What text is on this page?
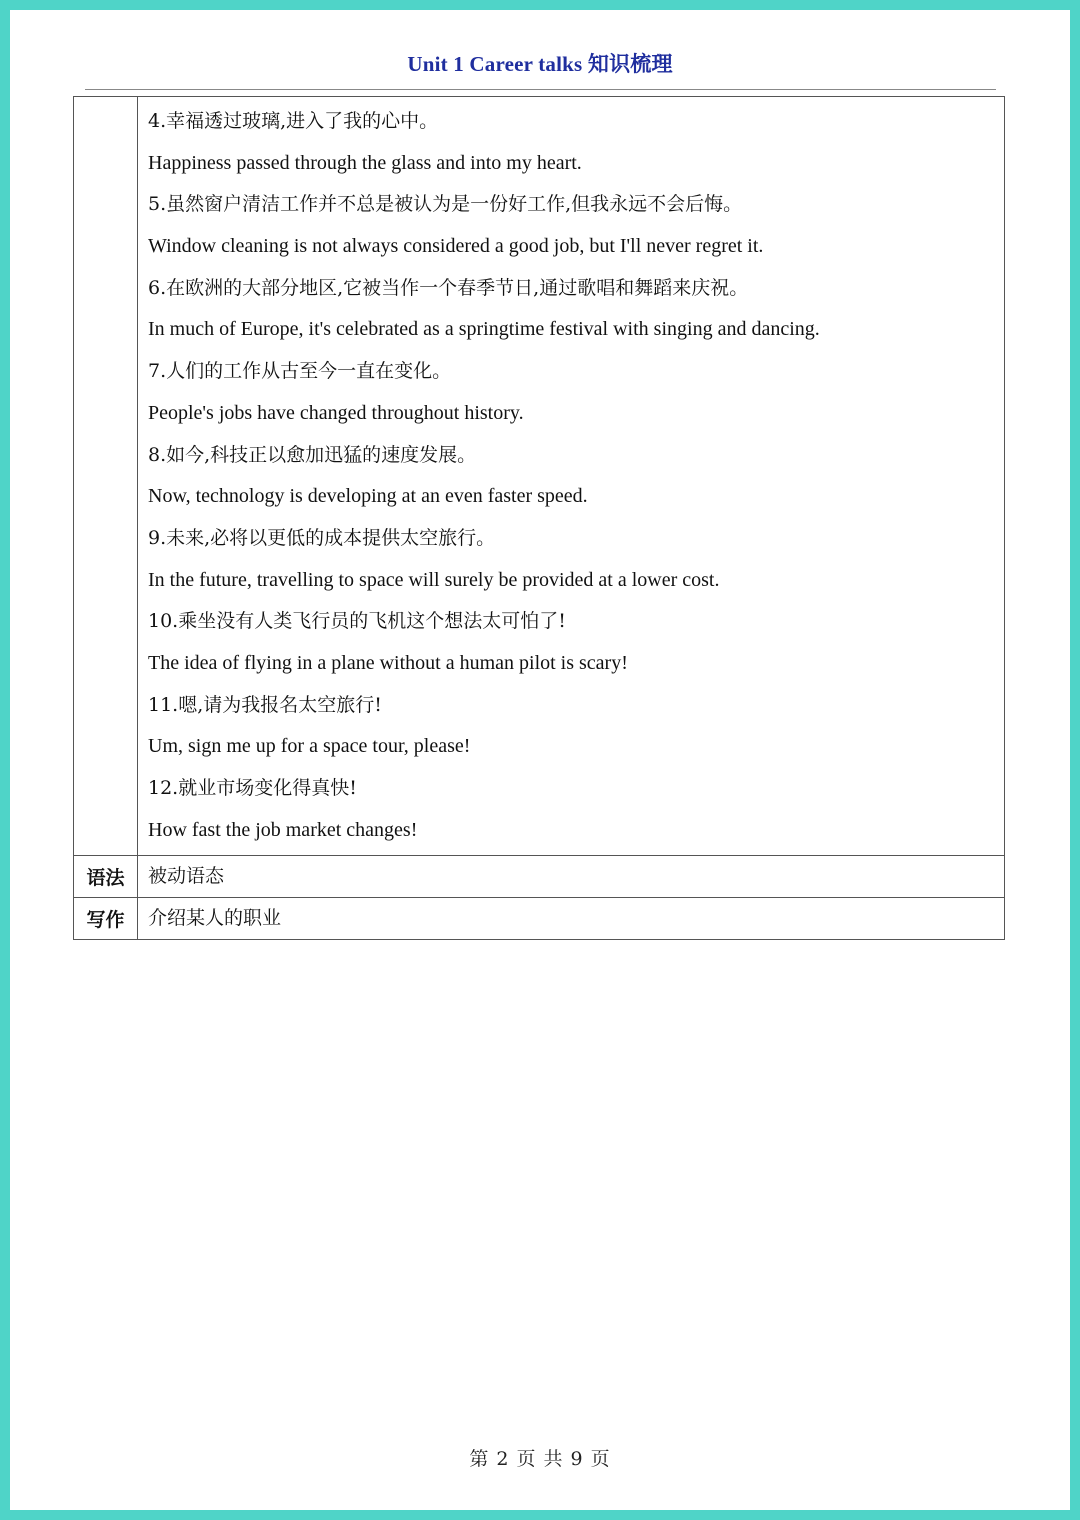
Unit 1 Career talks 知识梳理
4.幸福透过玻璃,进入了我的心中。
Happiness passed through the glass and into my heart.
5.虽然窗户清洁工作并不总是被认为是一份好工作,但我永远不会后悔。
Window cleaning is not always considered a good job, but I'll never regret it.
6.在欧洲的大部分地区,它被当作一个春季节日,通过歌唱和舞蹈来庆祝。
In much of Europe, it's celebrated as a springtime festival with singing and dancing.
7.人们的工作从古至今一直在变化。
People's jobs have changed throughout history.
8.如今,科技正以愈加迅猛的速度发展。
Now, technology is developing at an even faster speed.
9.未来,必将以更低的成本提供太空旅行。
In the future, travelling to space will surely be provided at a lower cost.
10.乘坐没有人类飞行员的飞机这个想法太可怕了!
The idea of flying in a plane without a human pilot is scary!
11.嗯,请为我报名太空旅行!
Um, sign me up for a space tour, please!
12.就业市场变化得真快!
How fast the job market changes!
语法	被动语态
写作	介绍某人的职业
第 2 页 共 9 页
